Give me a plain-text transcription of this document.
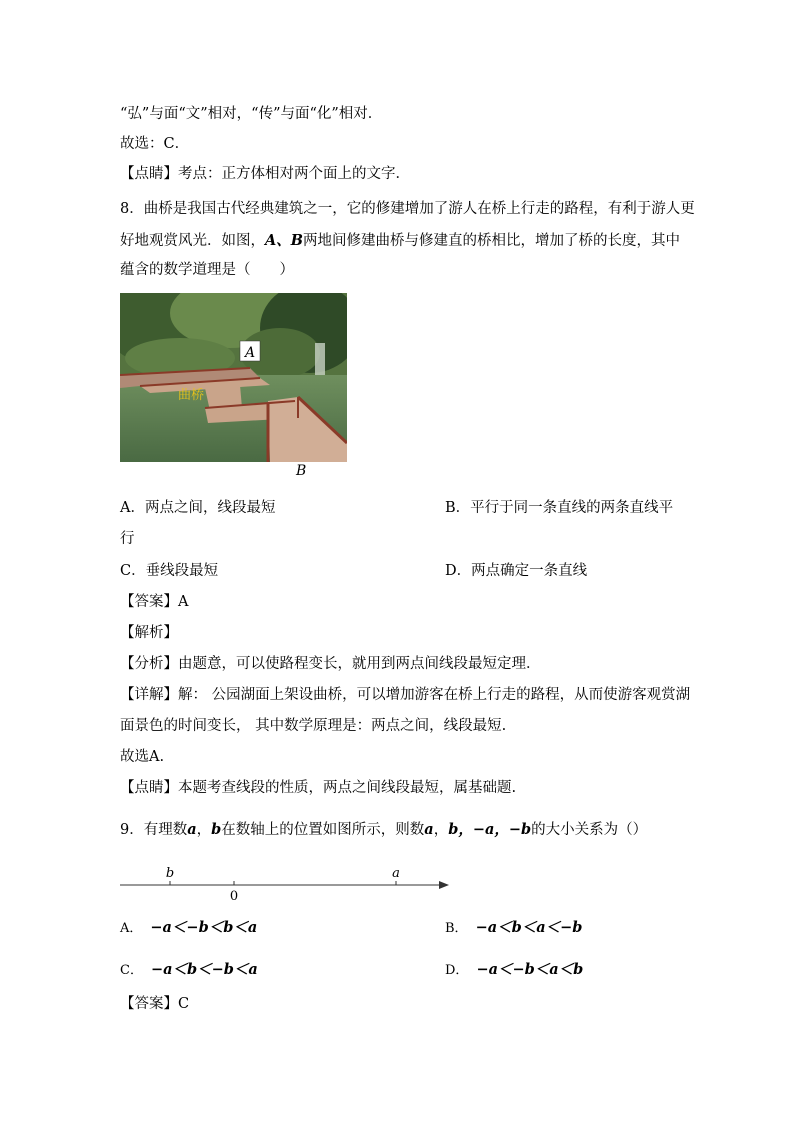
“弘”与面“文”相对，“传”与面“化”相对．
故选：C．
【点睛】考点：正方体相对两个面上的文字．
8．曲桥是我国古代经典建筑之一，它的修建增加了游人在桥上行走的路程，有利于游人更
好地观赏风光．如图，A、B两地间修建曲桥与修建直的桥相比，增加了桥的长度，其中
蕴含的数学道理是（　　）
A
曲桥
B
A．两点之间，线段最短	B．平行于同一条直线的两条直线平
行
C．垂线段最短	D．两点确定一条直线
【答案】A
【解析】
【分析】由题意，可以使路程变长，就用到两点间线段最短定理．
【详解】解： 公园湖面上架设曲桥，可以增加游客在桥上行走的路程，从而使游客观赏湖
面景色的时间变长， 其中数学原理是：两点之间，线段最短.
故选A.
【点睛】本题考查线段的性质，两点之间线段最短，属基础题.
9．有理数a，b在数轴上的位置如图所示，则数a，b，−a，−b的大小关系为（）
b
0
a
A． −a＜−b＜b＜a	B． −a＜b＜a＜−b
C． −a＜b＜−b＜a	D． −a＜−b＜a＜b
【答案】C
